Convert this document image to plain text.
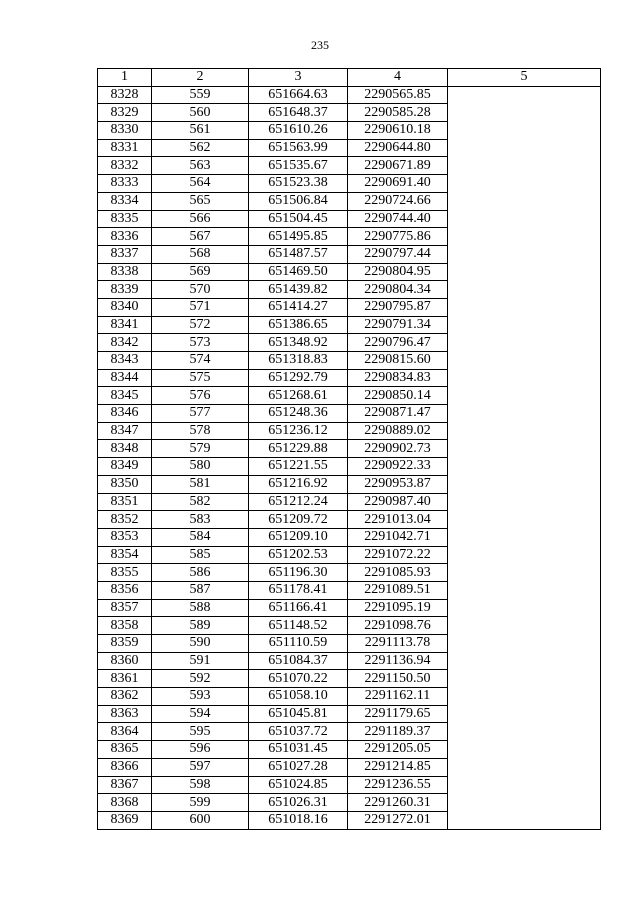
235
1	2	3	4	5
8328	559	651664.63	2290565.85	
8329	560	651648.37	2290585.28	
8330	561	651610.26	2290610.18	
8331	562	651563.99	2290644.80	
8332	563	651535.67	2290671.89	
8333	564	651523.38	2290691.40	
8334	565	651506.84	2290724.66	
8335	566	651504.45	2290744.40	
8336	567	651495.85	2290775.86	
8337	568	651487.57	2290797.44	
8338	569	651469.50	2290804.95	
8339	570	651439.82	2290804.34	
8340	571	651414.27	2290795.87	
8341	572	651386.65	2290791.34	
8342	573	651348.92	2290796.47	
8343	574	651318.83	2290815.60	
8344	575	651292.79	2290834.83	
8345	576	651268.61	2290850.14	
8346	577	651248.36	2290871.47	
8347	578	651236.12	2290889.02	
8348	579	651229.88	2290902.73	
8349	580	651221.55	2290922.33	
8350	581	651216.92	2290953.87	
8351	582	651212.24	2290987.40	
8352	583	651209.72	2291013.04	
8353	584	651209.10	2291042.71	
8354	585	651202.53	2291072.22	
8355	586	651196.30	2291085.93	
8356	587	651178.41	2291089.51	
8357	588	651166.41	2291095.19	
8358	589	651148.52	2291098.76	
8359	590	651110.59	2291113.78	
8360	591	651084.37	2291136.94	
8361	592	651070.22	2291150.50	
8362	593	651058.10	2291162.11	
8363	594	651045.81	2291179.65	
8364	595	651037.72	2291189.37	
8365	596	651031.45	2291205.05	
8366	597	651027.28	2291214.85	
8367	598	651024.85	2291236.55	
8368	599	651026.31	2291260.31	
8369	600	651018.16	2291272.01	
